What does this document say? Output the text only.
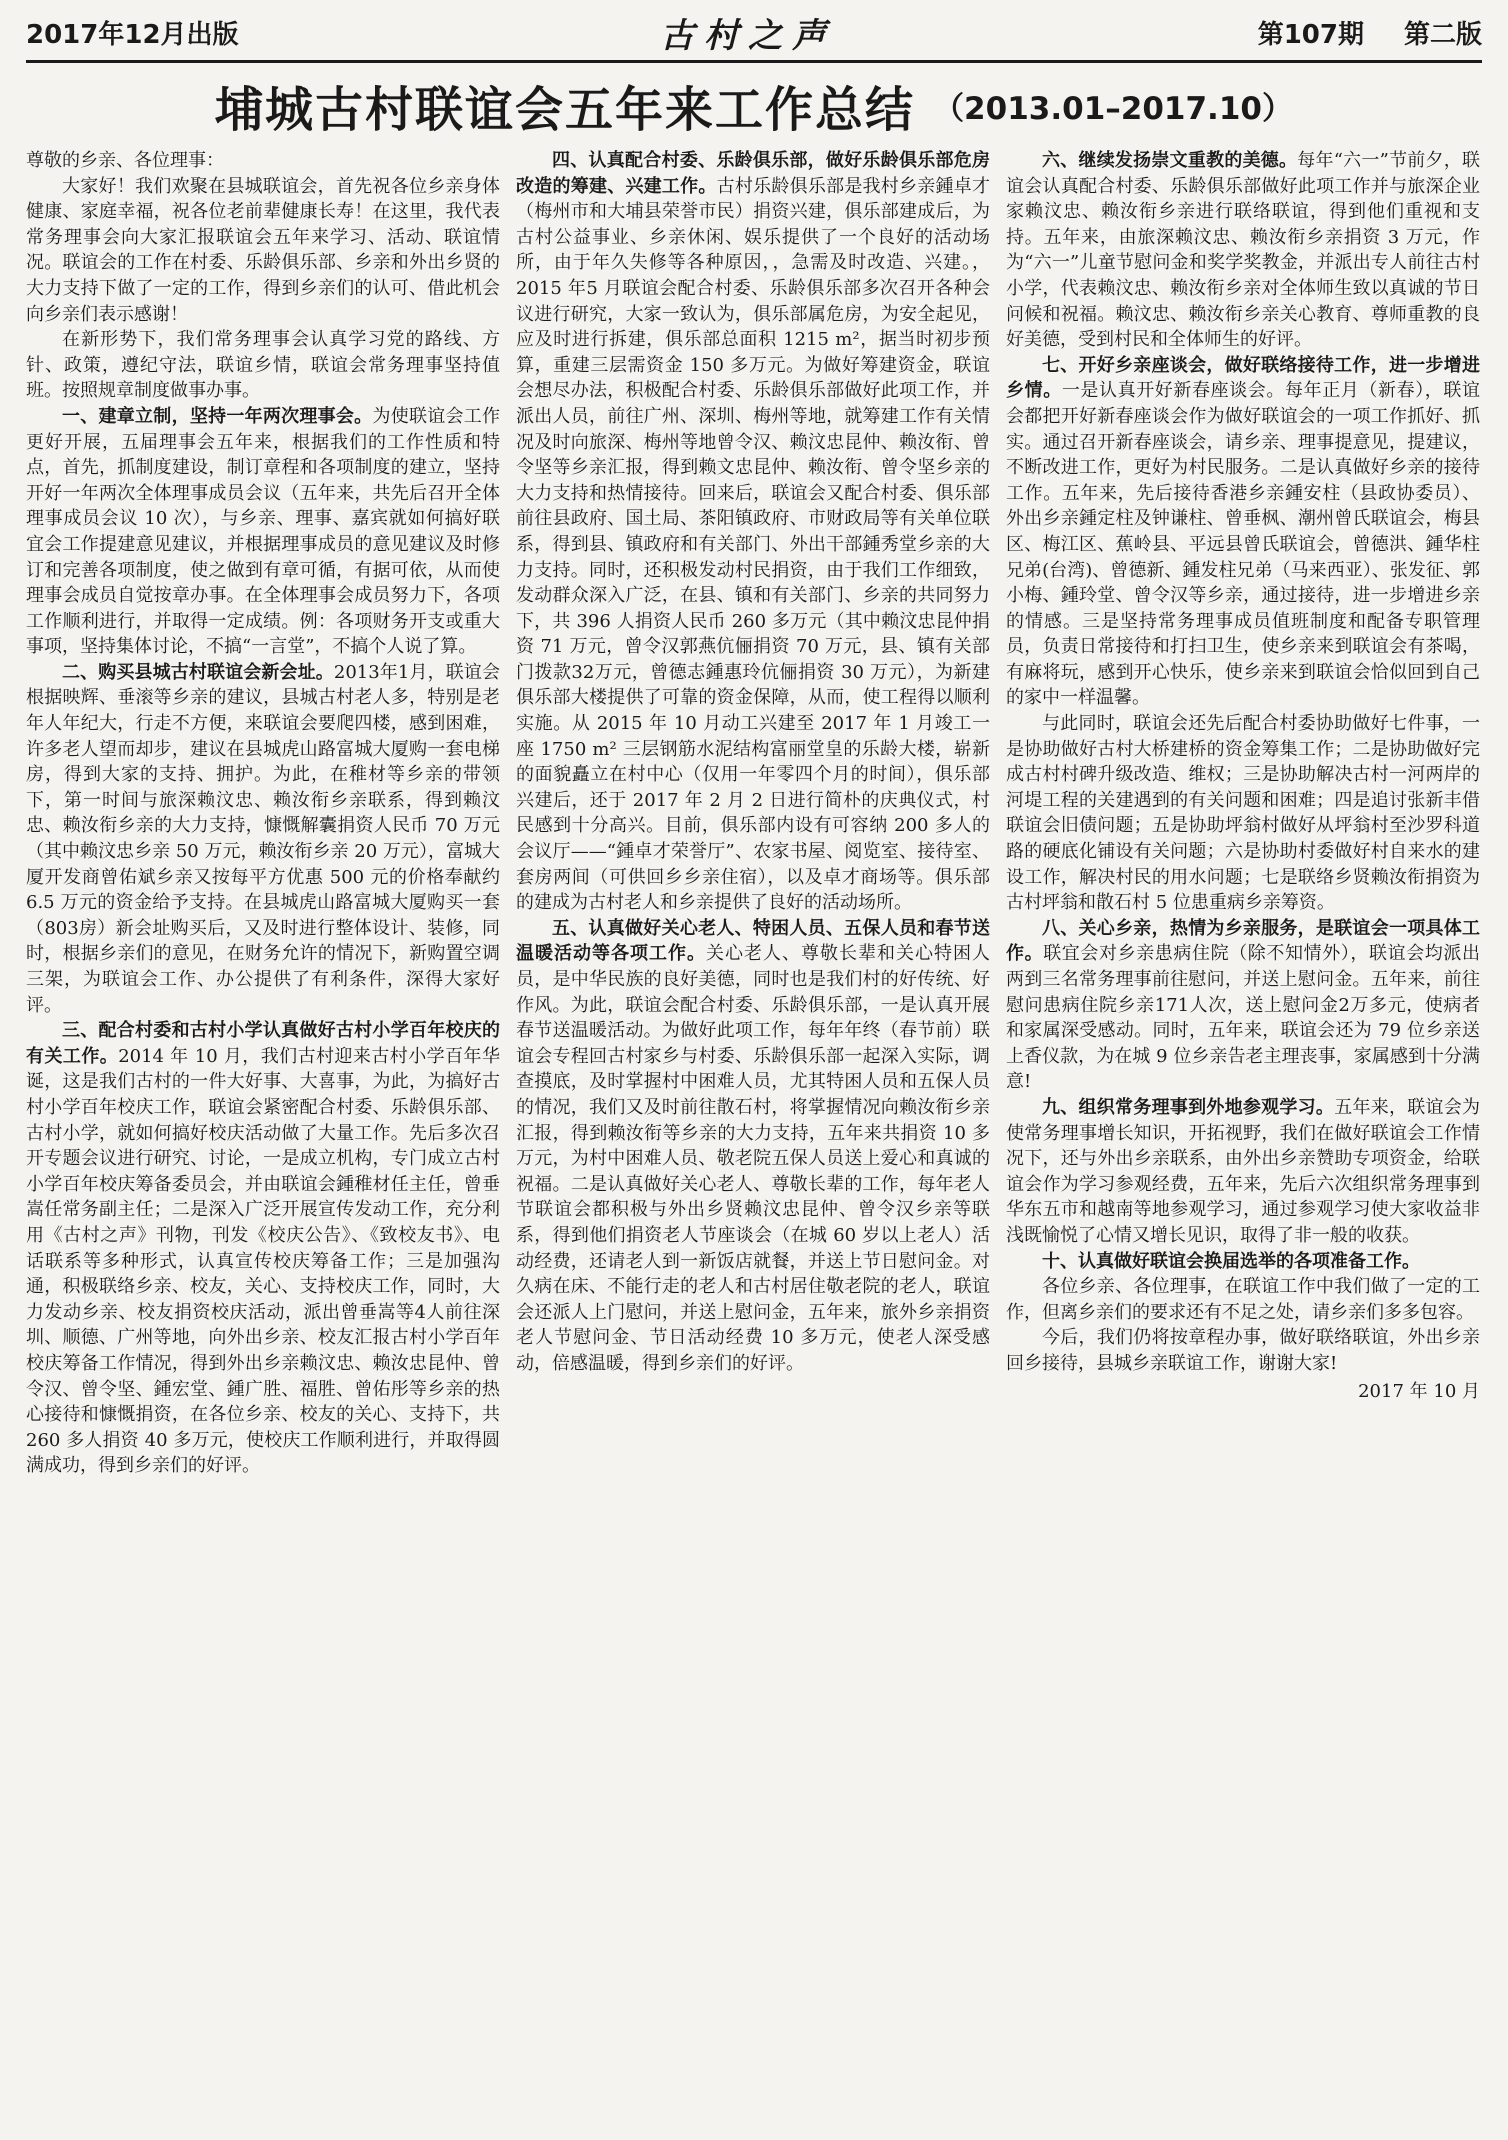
2017年12月出版	古村之声	第107期 第二版
埔城古村联谊会五年来工作总结 （2013.01–2017.10）

尊敬的乡亲、各位理事：

大家好！我们欢聚在县城联谊会，首先祝各位乡亲身体健康、家庭幸福，祝各位老前辈健康长寿！在这里，我代表常务理事会向大家汇报联谊会五年来学习、活动、联谊情况。联谊会的工作在村委、乐龄俱乐部、乡亲和外出乡贤的大力支持下做了一定的工作，得到乡亲们的认可、借此机会向乡亲们表示感谢！

在新形势下，我们常务理事会认真学习党的路线、方针、政策，遵纪守法，联谊乡情，联谊会常务理事坚持值班。按照规章制度做事办事。

一、建章立制，坚持一年两次理事会。为使联谊会工作更好开展，五届理事会五年来，根据我们的工作性质和特点，首先，抓制度建设，制订章程和各项制度的建立，坚持开好一年两次全体理事成员会议（五年来，共先后召开全体理事成员会议 10 次），与乡亲、理事、嘉宾就如何搞好联宜会工作提建意见建议，并根据理事成员的意见建议及时修订和完善各项制度，使之做到有章可循，有据可依，从而使理事会成员自觉按章办事。在全体理事会成员努力下，各项工作顺利进行，并取得一定成绩。例：各项财务开支或重大事项，坚持集体讨论，不搞“一言堂”，不搞个人说了算。

二、购买县城古村联谊会新会址。2013年1月，联谊会根据映辉、垂滚等乡亲的建议，县城古村老人多，特别是老年人年纪大，行走不方便，来联谊会要爬四楼，感到困难，许多老人望而却步，建议在县城虎山路富城大厦购一套电梯房，得到大家的支持、拥护。为此，在稚材等乡亲的带领下，第一时间与旅深赖汶忠、赖汝衔乡亲联系，得到赖汶忠、赖汝衔乡亲的大力支持，慷慨解囊捐资人民币 70 万元（其中赖汶忠乡亲 50 万元，赖汝衔乡亲 20 万元），富城大厦开发商曾佑斌乡亲又按每平方优惠 500 元的价格奉献约 6.5 万元的资金给予支持。在县城虎山路富城大厦购买一套（803房）新会址购买后，又及时进行整体设计、装修，同时，根据乡亲们的意见，在财务允许的情况下，新购置空调三架，为联谊会工作、办公提供了有利条件，深得大家好评。

三、配合村委和古村小学认真做好古村小学百年校庆的有关工作。2014 年 10 月，我们古村迎来古村小学百年华诞，这是我们古村的一件大好事、大喜事，为此，为搞好古村小学百年校庆工作，联谊会紧密配合村委、乐龄俱乐部、古村小学，就如何搞好校庆活动做了大量工作。先后多次召开专题会议进行研究、讨论，一是成立机构，专门成立古村小学百年校庆筹备委员会，并由联谊会鍾稚材任主任，曾垂嵩任常务副主任；二是深入广泛开展宣传发动工作，充分利用《古村之声》刊物，刊发《校庆公告》、《致校友书》、电话联系等多种形式，认真宣传校庆筹备工作；三是加强沟通，积极联络乡亲、校友，关心、支持校庆工作，同时，大力发动乡亲、校友捐资校庆活动，派出曾垂嵩等4人前往深圳、顺德、广州等地，向外出乡亲、校友汇报古村小学百年校庆筹备工作情况，得到外出乡亲赖汶忠、赖汝忠昆仲、曾令汉、曾令坚、鍾宏堂、鍾广胜、福胜、曾佑彤等乡亲的热心接待和慷慨捐资，在各位乡亲、校友的关心、支持下，共 260 多人捐资 40 多万元，使校庆工作顺利进行，并取得圆满成功，得到乡亲们的好评。

四、认真配合村委、乐龄俱乐部，做好乐龄俱乐部危房改造的筹建、兴建工作。古村乐龄俱乐部是我村乡亲鍾卓才（梅州市和大埔县荣誉市民）捐资兴建，俱乐部建成后，为古村公益事业、乡亲休闲、娱乐提供了一个良好的活动场所，由于年久失修等各种原因，，急需及时改造、兴建。，2015 年5 月联谊会配合村委、乐龄俱乐部多次召开各种会议进行研究，大家一致认为，俱乐部属危房，为安全起见，应及时进行拆建，俱乐部总面积 1215 m²，据当时初步预算，重建三层需资金 150 多万元。为做好筹建资金，联谊会想尽办法，积极配合村委、乐龄俱乐部做好此项工作，并派出人员，前往广州、深圳、梅州等地，就筹建工作有关情况及时向旅深、梅州等地曾令汉、赖汶忠昆仲、赖汝衔、曾令坚等乡亲汇报，得到赖文忠昆仲、赖汝衔、曾令坚乡亲的大力支持和热情接待。回来后，联谊会又配合村委、俱乐部前往县政府、国土局、茶阳镇政府、市财政局等有关单位联系，得到县、镇政府和有关部门、外出干部鍾秀堂乡亲的大力支持。同时，还积极发动村民捐资，由于我们工作细致，发动群众深入广泛，在县、镇和有关部门、乡亲的共同努力下，共 396 人捐资人民币 260 多万元（其中赖汶忠昆仲捐资 71 万元，曾令汉郭燕伉俪捐资 70 万元，县、镇有关部门拨款32万元，曾德志鍾惠玲伉俪捐资 30 万元），为新建俱乐部大楼提供了可靠的资金保障，从而，使工程得以顺利实施。从 2015 年 10 月动工兴建至 2017 年 1 月竣工一座 1750 m² 三层钢筋水泥结构富丽堂皇的乐龄大楼，崭新的面貌矗立在村中心（仅用一年零四个月的时间），俱乐部兴建后，还于 2017 年 2 月 2 日进行简朴的庆典仪式，村民感到十分高兴。目前，俱乐部内设有可容纳 200 多人的会议厅——“鍾卓才荣誉厅”、农家书屋、阅览室、接待室、套房两间（可供回乡乡亲住宿），以及卓才商场等。俱乐部的建成为古村老人和乡亲提供了良好的活动场所。

五、认真做好关心老人、特困人员、五保人员和春节送温暖活动等各项工作。关心老人、尊敬长辈和关心特困人员，是中华民族的良好美德，同时也是我们村的好传统、好作风。为此，联谊会配合村委、乐龄俱乐部，一是认真开展春节送温暖活动。为做好此项工作，每年年终（春节前）联谊会专程回古村家乡与村委、乐龄俱乐部一起深入实际，调查摸底，及时掌握村中困难人员，尤其特困人员和五保人员的情况，我们又及时前往散石村，将掌握情况向赖汝衔乡亲汇报，得到赖汝衔等乡亲的大力支持，五年来共捐资 10 多万元，为村中困难人员、敬老院五保人员送上爱心和真诚的祝福。二是认真做好关心老人、尊敬长辈的工作，每年老人节联谊会都积极与外出乡贤赖汶忠昆仲、曾令汉乡亲等联系，得到他们捐资老人节座谈会（在城 60 岁以上老人）活动经费，还请老人到一新饭店就餐，并送上节日慰问金。对久病在床、不能行走的老人和古村居住敬老院的老人，联谊会还派人上门慰问，并送上慰问金，五年来，旅外乡亲捐资老人节慰问金、节日活动经费 10 多万元，使老人深受感动，倍感温暖，得到乡亲们的好评。

六、继续发扬崇文重教的美德。每年“六一”节前夕，联谊会认真配合村委、乐龄俱乐部做好此项工作并与旅深企业家赖汶忠、赖汝衔乡亲进行联络联谊，得到他们重视和支持。五年来，由旅深赖汶忠、赖汝衔乡亲捐资 3 万元，作为“六一”儿童节慰问金和奖学奖教金，并派出专人前往古村小学，代表赖汶忠、赖汝衔乡亲对全体师生致以真诚的节日问候和祝福。赖汶忠、赖汝衔乡亲关心教育、尊师重教的良好美德，受到村民和全体师生的好评。

七、开好乡亲座谈会，做好联络接待工作，进一步增进乡情。一是认真开好新春座谈会。每年正月（新春），联谊会都把开好新春座谈会作为做好联谊会的一项工作抓好、抓实。通过召开新春座谈会，请乡亲、理事提意见，提建议，不断改进工作，更好为村民服务。二是认真做好乡亲的接待工作。五年来，先后接待香港乡亲鍾安柱（县政协委员）、外出乡亲鍾定柱及钟谦柱、曾垂枫、潮州曾氏联谊会，梅县区、梅江区、蕉岭县、平远县曾氏联谊会，曾德洪、鍾华柱兄弟(台湾)、曾德新、鍾发柱兄弟（马来西亚）、张发征、郭小梅、鍾玲堂、曾令汉等乡亲，通过接待，进一步增进乡亲的情感。三是坚持常务理事成员值班制度和配备专职管理员，负责日常接待和打扫卫生，使乡亲来到联谊会有茶喝，有麻将玩，感到开心快乐，使乡亲来到联谊会恰似回到自己的家中一样温馨。

与此同时，联谊会还先后配合村委协助做好七件事，一是协助做好古村大桥建桥的资金筹集工作；二是协助做好完成古村村碑升级改造、维权；三是协助解决古村一河两岸的河堤工程的关建遇到的有关问题和困难；四是追讨张新丰借联谊会旧债问题；五是协助坪翁村做好从坪翁村至沙罗科道路的硬底化铺设有关问题；六是协助村委做好村自来水的建设工作，解决村民的用水问题；七是联络乡贤赖汝衔捐资为古村坪翁和散石村 5 位患重病乡亲筹资。

八、关心乡亲，热情为乡亲服务，是联谊会一项具体工作。联宜会对乡亲患病住院（除不知情外），联谊会均派出两到三名常务理事前往慰问，并送上慰问金。五年来，前往慰问患病住院乡亲171人次，送上慰问金2万多元，使病者和家属深受感动。同时，五年来，联谊会还为 79 位乡亲送上香仪款，为在城 9 位乡亲告老主理丧事，家属感到十分满意!

九、组织常务理事到外地参观学习。五年来，联谊会为使常务理事增长知识，开拓视野，我们在做好联谊会工作情况下，还与外出乡亲联系，由外出乡亲赞助专项资金，给联谊会作为学习参观经费，五年来，先后六次组织常务理事到华东五市和越南等地参观学习，通过参观学习使大家收益非浅既愉悦了心情又增长见识，取得了非一般的收获。

十、认真做好联谊会换届选举的各项准备工作。

各位乡亲、各位理事，在联谊工作中我们做了一定的工作，但离乡亲们的要求还有不足之处，请乡亲们多多包容。

今后，我们仍将按章程办事，做好联络联谊，外出乡亲回乡接待，县城乡亲联谊工作，谢谢大家!

2017 年 10 月
